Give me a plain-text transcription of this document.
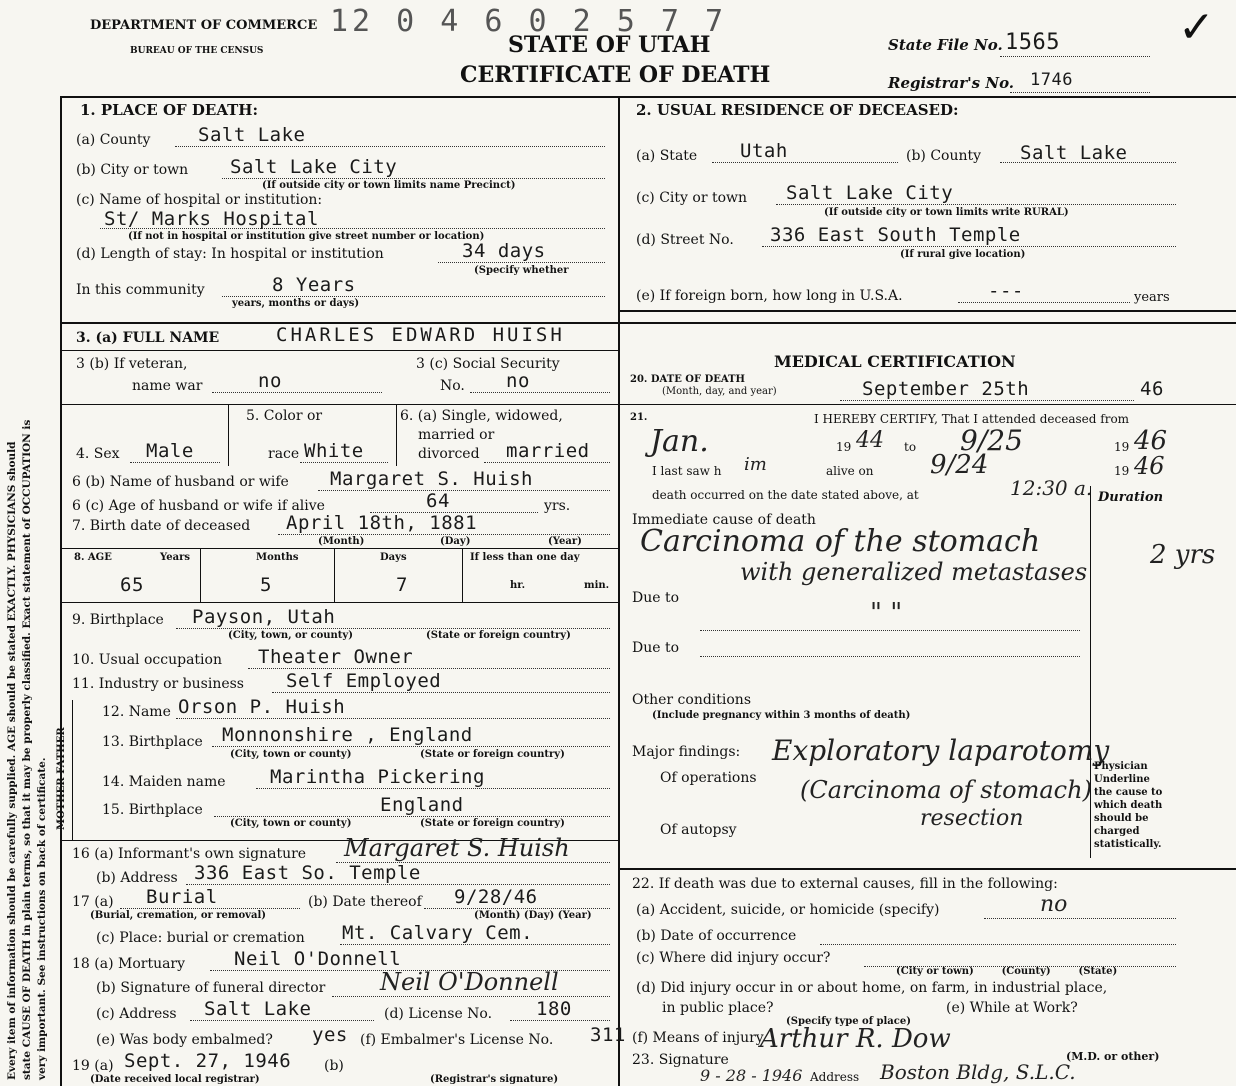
Every item of information should be carefully supplied. AGE should be stated EXACTLY. PHYSICIANS should state CAUSE OF DEATH in plain terms, so that it may be properly classified. Exact statement of OCCUPATION is very important. See instructions on back of certificate.
DEPARTMENT OF COMMERCE
BUREAU OF THE CENSUS
12 0 4 6 0 2 5 7 7
STATE OF UTAH
CERTIFICATE OF DEATH
State File No. 1565
Registrar's No. 1746
✓
1. PLACE OF DEATH:
(a) County	Salt Lake
(b) City or town Salt Lake City
(If outside city or town limits name Precinct)
(c) Name of hospital or institution:
St/ Marks Hospital
(If not in hospital or institution give street number or location)
(d) Length of stay: In hospital or institution	34 days
(Specify whether
In this community	8 Years
years, months or days)
2. USUAL RESIDENCE OF DECEASED:
(a) State Utah	(b) County Salt Lake
(c) City or town Salt Lake City
(If outside city or town limits write RURAL)
(d) Street No. 336 East South Temple
(If rural give location)
(e) If foreign born, how long in U.S.A.	---	years
3. (a) FULL NAME	CHARLES EDWARD HUISH
3 (b) If veteran,
name war	no
3 (c) Social Security
No. no
5. Color or	6. (a) Single, widowed,
married or
4. Sex Male	race White	divorced married
6 (b) Name of husband or wife Margaret S. Huish
6 (c) Age of husband or wife if alive	64	yrs.
7. Birth date of deceased April 18th, 1881
(Month)	(Day)	(Year)
8. AGE	Years	Months	Days	If less than one day
65	5	7	hr.	min.
9. Birthplace Payson, Utah
(City, town, or county)	(State or foreign country)
10. Usual occupation Theater Owner
11. Industry or business Self Employed
MOTHER FATHER
12. Name Orson P. Huish
13. Birthplace Monnonshire , England
(City, town or county)	(State or foreign country)
14. Maiden name Marintha Pickering
15. Birthplace	England
(City, town or county)	(State or foreign country)
16 (a) Informant's own signature Margaret S. Huish
(b) Address 336 East So. Temple
17 (a) Burial
(Burial, cremation, or removal)
(b) Date thereof 9/28/46
(Month) (Day) (Year)
(c) Place: burial or cremation Mt. Calvary Cem.
18 (a) Mortuary	Neil O'Donnell
(b) Signature of funeral director Neil O'Donnell
(c) Address Salt Lake	(d) License No. 180
(e) Was body embalmed? yes (f) Embalmer's License No. 311
19 (a) Sept. 27, 1946
(Date received local registrar)
(b)
(Registrar's signature)
MEDICAL CERTIFICATION
20. DATE OF DEATH
(Month, day, and year)	September 25th	46
21.	I HEREBY CERTIFY, That I attended deceased from
Jan.	19 44 to 9/25	19 46
I last saw h im	alive on 9/24	19 46
death occurred on the date stated above, at	12:30 a. Duration
Immediate cause of death
Carcinoma of the stomach
with generalized metastases
2 yrs
Due to	" "
Due to
Other conditions
(Include pregnancy within 3 months of death)
Major findings:
Of operations
Exploratory laparotomy
(Carcinoma of stomach)
resection
Of autopsy
Physician Underline the cause to which death should be charged statistically.
22. If death was due to external causes, fill in the following:
(a) Accident, suicide, or homicide (specify)	no
(b) Date of occurrence
(c) Where did injury occur?
(City or town)        (County)        (State)
(d) Did injury occur in or about home, on farm, in industrial place,
in public place?
(Specify type of place)
(e) While at Work?
(f) Means of injury
23. Signature
Arthur R. Dow
(M.D. or other)
9 - 28 - 1946 Address Boston Bldg, S.L.C.
